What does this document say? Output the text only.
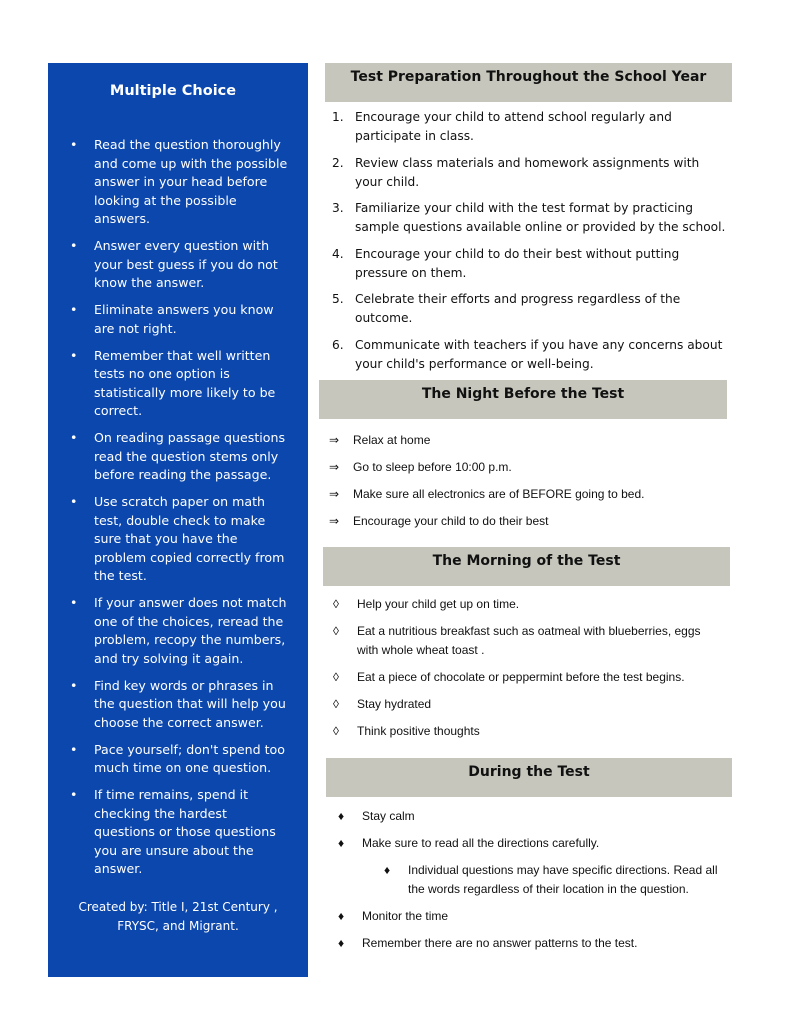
Multiple Choice
• Read the question thoroughly and come up with the possible answer in your head before looking at the possible answers.
• Answer every question with your best guess if you do not know the answer.
• Eliminate answers you know are not right.
• Remember that well written tests no one option is statistically more likely to be correct.
• On reading passage questions read the question stems only before reading the passage.
• Use scratch paper on math test, double check to make sure that you have the problem copied correctly from the test.
• If your answer does not match one of the choices, reread the problem, recopy the numbers, and try solving it again.
• Find key words or phrases in the question that will help you choose the correct answer.
• Pace yourself; don't spend too much time on one question.
• If time remains, spend it checking the hardest questions or those questions you are unsure about the answer.
Created by: Title I, 21st Century ,
FRYSC, and Migrant.
Test Preparation Throughout the School Year
1. Encourage your child to attend school regularly and participate in class.
2. Review class materials and homework assignments with your child.
3. Familiarize your child with the test format by practicing sample questions available online or provided by the school.
4. Encourage your child to do their best without putting pressure on them.
5. Celebrate their efforts and progress regardless of the outcome.
6. Communicate with teachers if you have any concerns about your child's performance or well-being.
The Night Before the Test
⇒ Relax at home
⇒ Go to sleep before 10:00 p.m.
⇒ Make sure all electronics are of BEFORE going to bed.
⇒ Encourage your child to do their best
The Morning of the Test
◊ Help your child get up on time.
◊ Eat a nutritious breakfast such as oatmeal with blueberries, eggs with whole wheat toast .
◊ Eat a piece of chocolate or peppermint before the test begins.
◊ Stay hydrated
◊ Think positive thoughts
During the Test
♦ Stay calm
♦ Make sure to read all the directions carefully.
♦ Individual questions may have specific directions. Read all the words regardless of their location in the question.
♦ Monitor the time
♦ Remember there are no answer patterns to the test.
